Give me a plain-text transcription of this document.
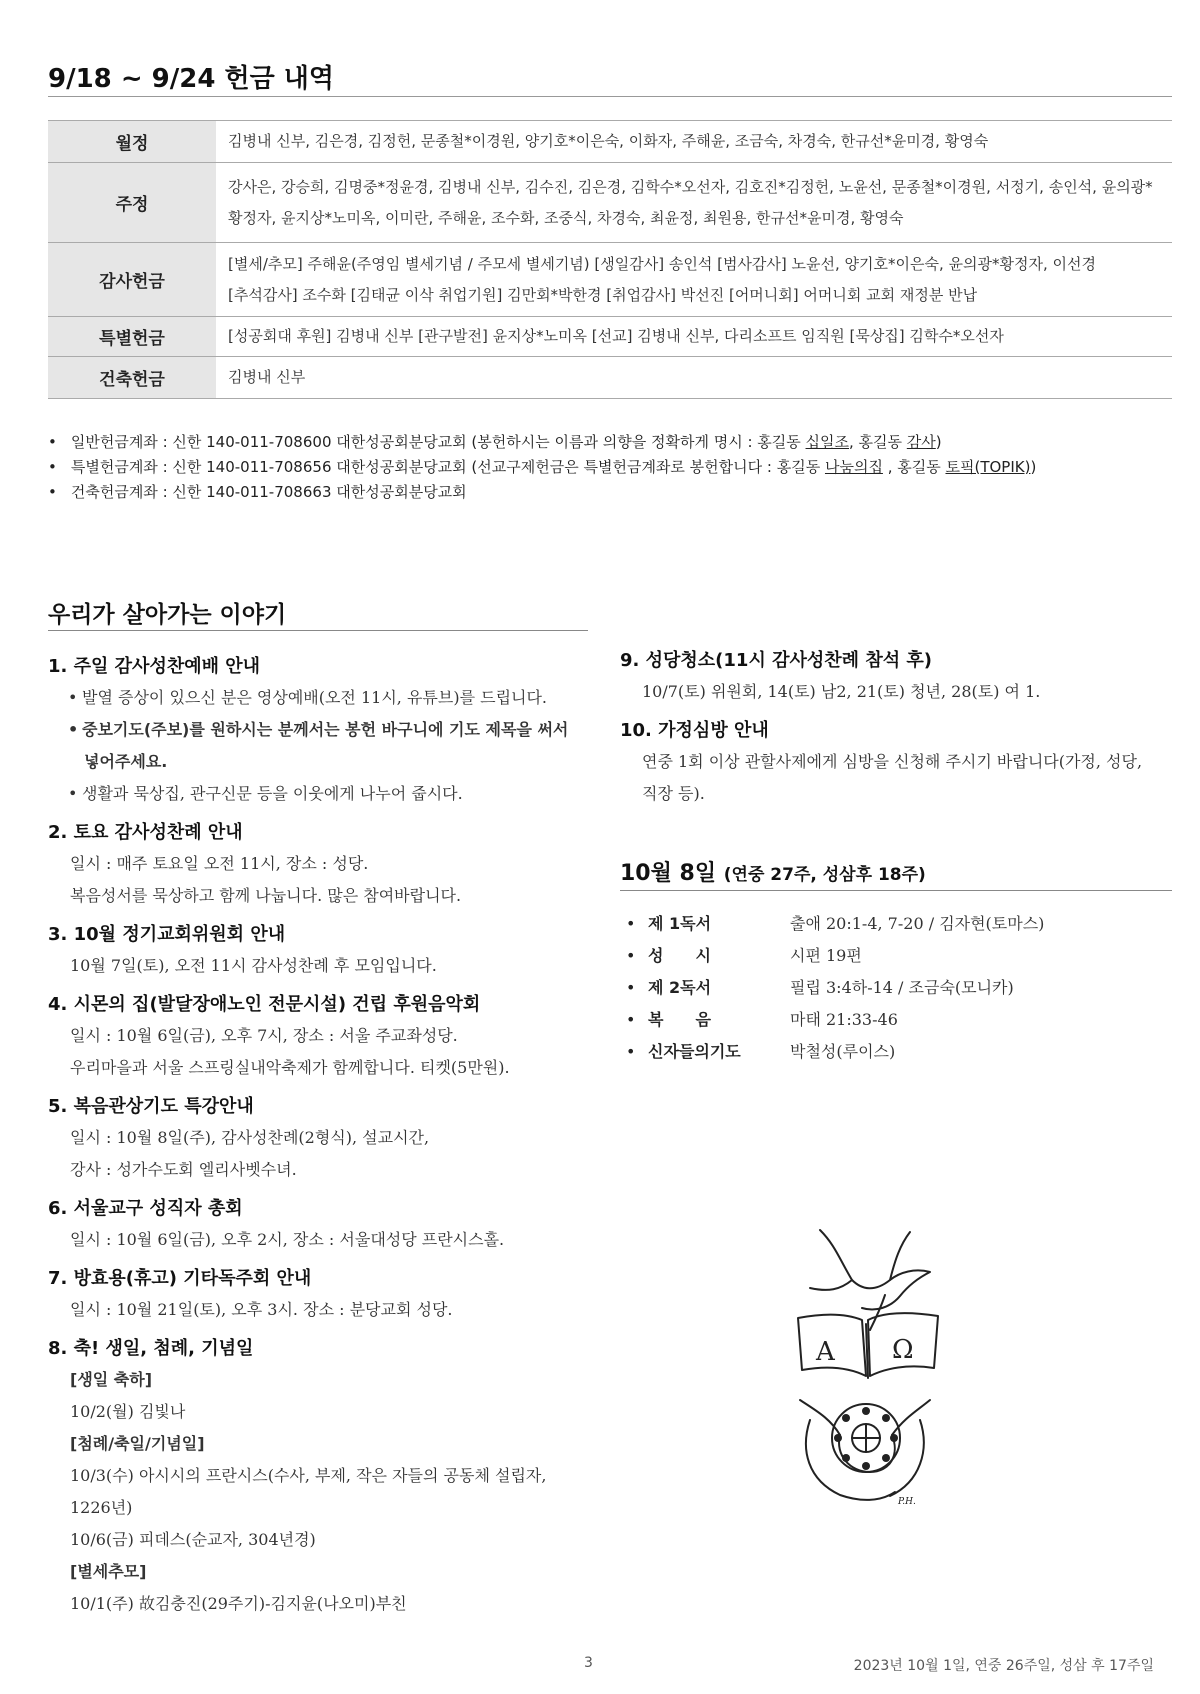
9/18 ~ 9/24 헌금 내역
월정	김병내 신부, 김은경, 김정헌, 문종철*이경원, 양기호*이은숙, 이화자, 주해윤, 조금숙, 차경숙, 한규선*윤미경, 황영숙
주정	강사은, 강승희, 김명중*정윤경, 김병내 신부, 김수진, 김은경, 김학수*오선자, 김호진*김정헌, 노윤선, 문종철*이경원, 서정기, 송인석, 윤의광*황정자, 윤지상*노미옥, 이미란, 주해윤, 조수화, 조중식, 차경숙, 최윤정, 최원용, 한규선*윤미경, 황영숙
감사헌금	[별세/추모] 주해윤(주영임 별세기념 / 주모세 별세기념) [생일감사] 송인석 [범사감사] 노윤선, 양기호*이은숙, 윤의광*황정자, 이선경
[추석감사] 조수화 [김태균 이삭 취업기원] 김만회*박한경 [취업감사] 박선진 [어머니회] 어머니회 교회 재정분 반납

특별헌금	[성공회대 후원] 김병내 신부 [관구발전] 윤지상*노미옥 [선교] 김병내 신부, 다리소프트 임직원 [묵상집] 김학수*오선자
건축헌금	김병내 신부
• 일반헌금계좌 : 신한 140-011-708600 대한성공회분당교회 (봉헌하시는 이름과 의향을 정확하게 명시 : 홍길동 십일조, 홍길동 감사)
• 특별헌금계좌 : 신한 140-011-708656 대한성공회분당교회 (선교구제헌금은 특별헌금계좌로 봉헌합니다 : 홍길동 나눔의집 , 홍길동 토픽(TOPIK))
• 건축헌금계좌 : 신한 140-011-708663 대한성공회분당교회
우리가 살아가는 이야기
1. 주일 감사성찬예배 안내
• 발열 증상이 있으신 분은 영상예배(오전 11시, 유튜브)를 드립니다.
• 중보기도(주보)를 원하시는 분께서는 봉헌 바구니에 기도 제목을 써서
넣어주세요.
• 생활과 묵상집, 관구신문 등을 이웃에게 나누어 줍시다.
2. 토요 감사성찬례 안내
일시 : 매주 토요일 오전 11시, 장소 : 성당.
복음성서를 묵상하고 함께 나눕니다. 많은 참여바랍니다.
3. 10월 정기교회위원회 안내
10월 7일(토), 오전 11시 감사성찬례 후 모임입니다.
4. 시몬의 집(발달장애노인 전문시설) 건립 후원음악회
일시 : 10월 6일(금), 오후 7시, 장소 : 서울 주교좌성당.
우리마을과 서울 스프링실내악축제가 함께합니다. 티켓(5만원).
5. 복음관상기도 특강안내
일시 : 10월 8일(주), 감사성찬례(2형식), 설교시간,
강사 : 성가수도회 엘리사벳수녀.
6. 서울교구 성직자 총회
일시 : 10월 6일(금), 오후 2시, 장소 : 서울대성당 프란시스홀.
7. 방효용(휴고) 기타독주회 안내
일시 : 10월 21일(토), 오후 3시. 장소 : 분당교회 성당.
8. 축! 생일, 첨례, 기념일
[생일 축하]
10/2(월) 김빛나
[첨례/축일/기념일]
10/3(수) 아시시의 프란시스(수사, 부제, 작은 자들의 공동체 설립자, 1226년)
10/6(금) 피데스(순교자, 304년경)
[별세추모]
10/1(주) 故김충진(29주기)-김지윤(나오미)부친
9. 성당청소(11시 감사성찬례 참석 후)
10/7(토) 위원회, 14(토) 남2, 21(토) 청년, 28(토) 여 1.
10. 가정심방 안내
연중 1회 이상 관할사제에게 심방을 신청해 주시기 바랍니다(가정, 성당,
직장 등).
10월 8일 (연중 27주, 성삼후 18주)
• 제 1독서	출애 20:1-4, 7-20 / 김자현(토마스)
• 성　　시	시편 19편
• 제 2독서	필립 3:4하-14 / 조금숙(모니카)
• 복　　음	마태 21:33-46
• 신자들의기도	박철성(루이스)
A Ω
P.H.
3	2023년 10월 1일, 연중 26주일, 성삼 후 17주일
